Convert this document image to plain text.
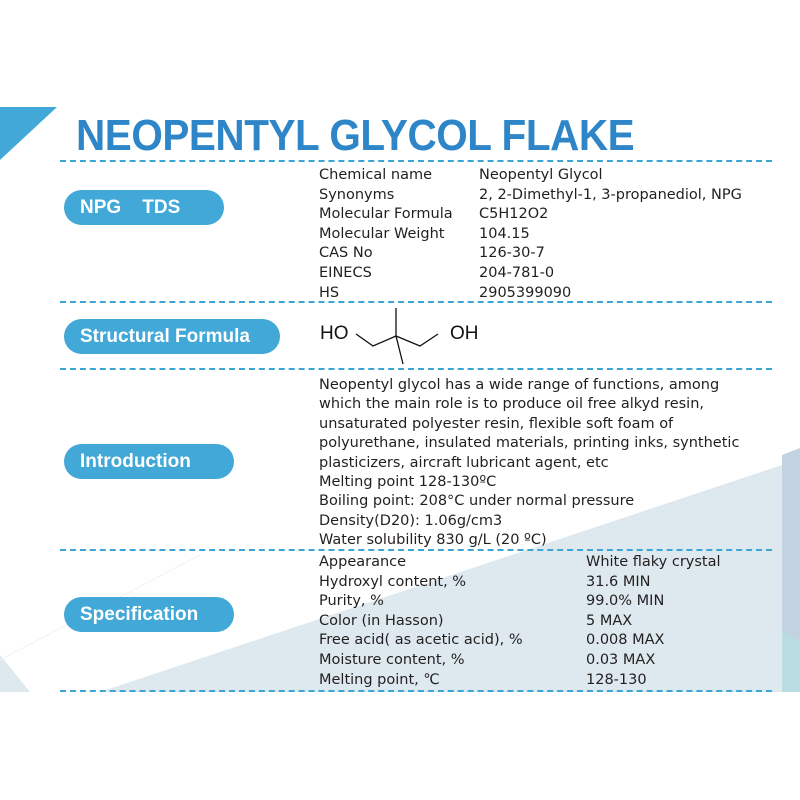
NEOPENTYL GLYCOL FLAKE
NPG    TDS
Chemical name	Neopentyl Glycol
Synonyms	2, 2-Dimethyl-1, 3-propanediol, NPG
Molecular Formula	C5H12O2
Molecular Weight	104.15
CAS No	126-30-7
EINECS	204-781-0
HS	2905399090
Structural Formula	HO	OH
Introduction
Neopentyl glycol has a wide range of functions, among
which the main role is to produce oil free alkyd resin,
unsaturated polyester resin, flexible soft foam of
polyurethane, insulated materials, printing inks, synthetic
plasticizers, aircraft lubricant agent, etc
Melting point 128-130ºC
Boiling point: 208°C under normal pressure
Density(D20): 1.06g/cm3
Water solubility 830 g/L (20 ºC)
Specification
Appearance	White flaky crystal
Hydroxyl content, %	31.6 MIN
Purity, %	99.0% MIN
Color (in Hasson)	5 MAX
Free acid( as acetic acid), %	0.008 MAX
Moisture content, %	0.03 MAX
Melting point, ℃	128-130
